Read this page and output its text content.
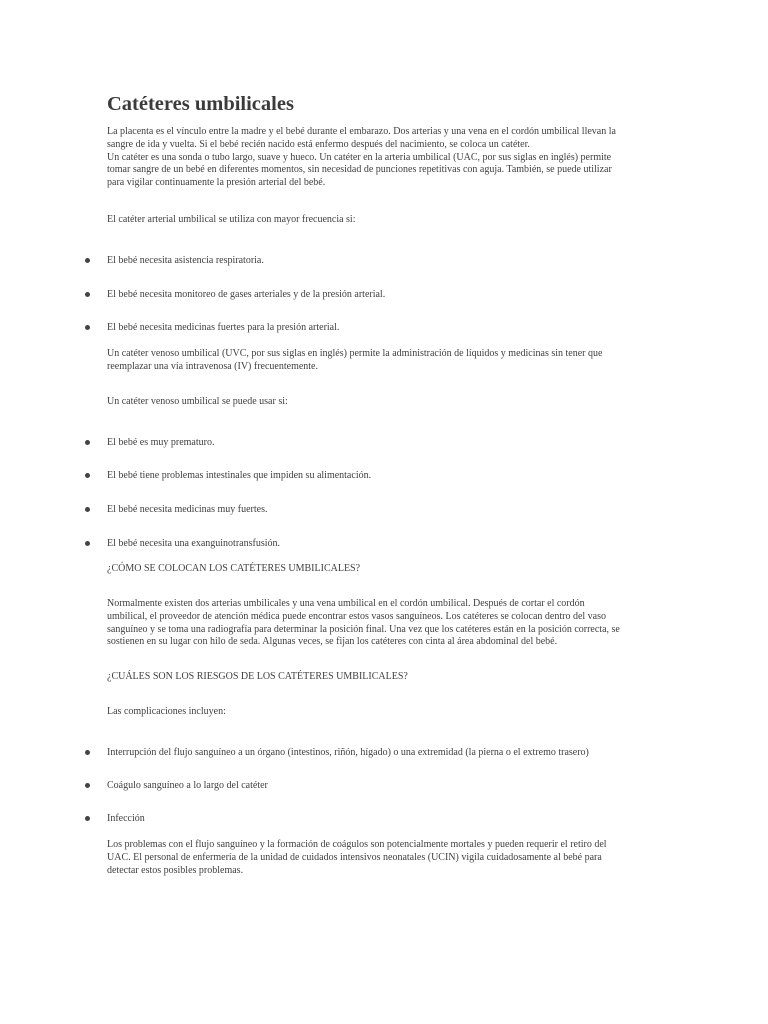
Catéteres umbilicales
La placenta es el vínculo entre la madre y el bebé durante el embarazo. Dos arterias y una vena en el cordón umbilical llevan la
sangre de ida y vuelta. Si el bebé recién nacido está enfermo después del nacimiento, se coloca un catéter.
Un catéter es una sonda o tubo largo, suave y hueco. Un catéter en la arteria umbilical (UAC, por sus siglas en inglés) permite
tomar sangre de un bebé en diferentes momentos, sin necesidad de punciones repetitivas con aguja. También, se puede utilizar
para vigilar continuamente la presión arterial del bebé.

El catéter arterial umbilical se utiliza con mayor frecuencia si:

El bebé necesita asistencia respiratoria.
El bebé necesita monitoreo de gases arteriales y de la presión arterial.
El bebé necesita medicinas fuertes para la presión arterial.
Un catéter venoso umbilical (UVC, por sus siglas en inglés) permite la administración de líquidos y medicinas sin tener que
reemplazar una vía intravenosa (IV) frecuentemente.

Un catéter venoso umbilical se puede usar si:

El bebé es muy prematuro.
El bebé tiene problemas intestinales que impiden su alimentación.
El bebé necesita medicinas muy fuertes.
El bebé necesita una exanguinotransfusión.

¿CÓMO SE COLOCAN LOS CATÉTERES UMBILICALES?

Normalmente existen dos arterias umbilicales y una vena umbilical en el cordón umbilical. Después de cortar el cordón
umbilical, el proveedor de atención médica puede encontrar estos vasos sanguíneos. Los catéteres se colocan dentro del vaso
sanguíneo y se toma una radiografía para determinar la posición final. Una vez que los catéteres están en la posición correcta, se
sostienen en su lugar con hilo de seda. Algunas veces, se fijan los catéteres con cinta al área abdominal del bebé.

¿CUÁLES SON LOS RIESGOS DE LOS CATÉTERES UMBILICALES?

Las complicaciones incluyen:

Interrupción del flujo sanguíneo a un órgano (intestinos, riñón, hígado) o una extremidad (la pierna o el extremo trasero)
Coágulo sanguíneo a lo largo del catéter
Infección
Los problemas con el flujo sanguíneo y la formación de coágulos son potencialmente mortales y pueden requerir el retiro del
UAC. El personal de enfermería de la unidad de cuidados intensivos neonatales (UCIN) vigila cuidadosamente al bebé para
detectar estos posibles problemas.
